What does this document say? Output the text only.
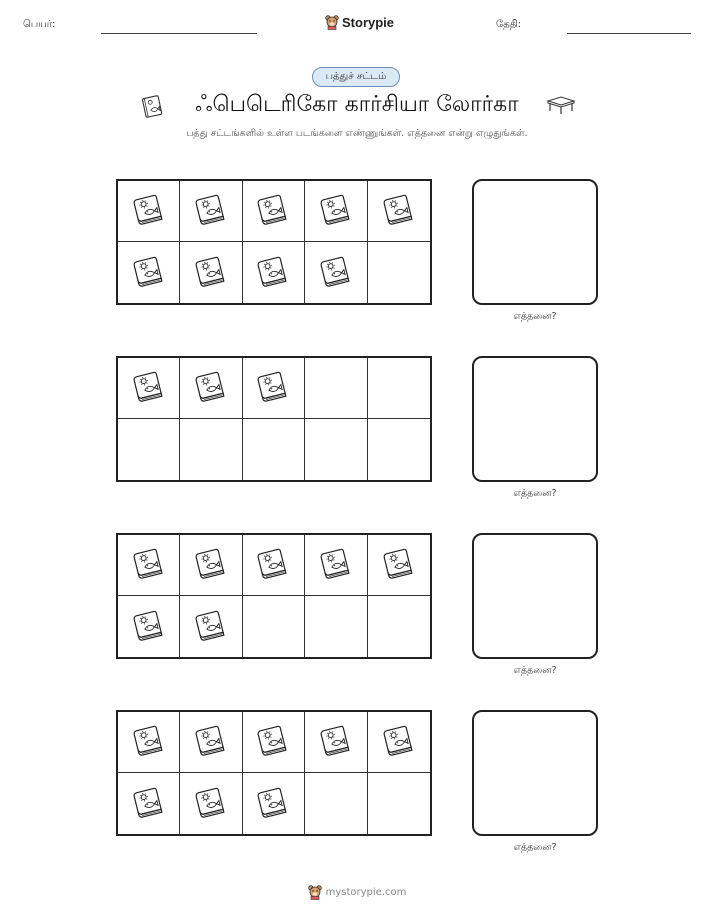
பெயர்:	Storypie	தேதி:
பத்துச் சட்டம்
ஃபெடெரிகோ கார்சியா லோர்கா
பத்து சட்டங்களில் உள்ள படங்களை எண்ணுங்கள். எத்தனை என்று எழுதுங்கள்.
எத்தனை?
எத்தனை?
எத்தனை?
எத்தனை?
mystorypie.com
